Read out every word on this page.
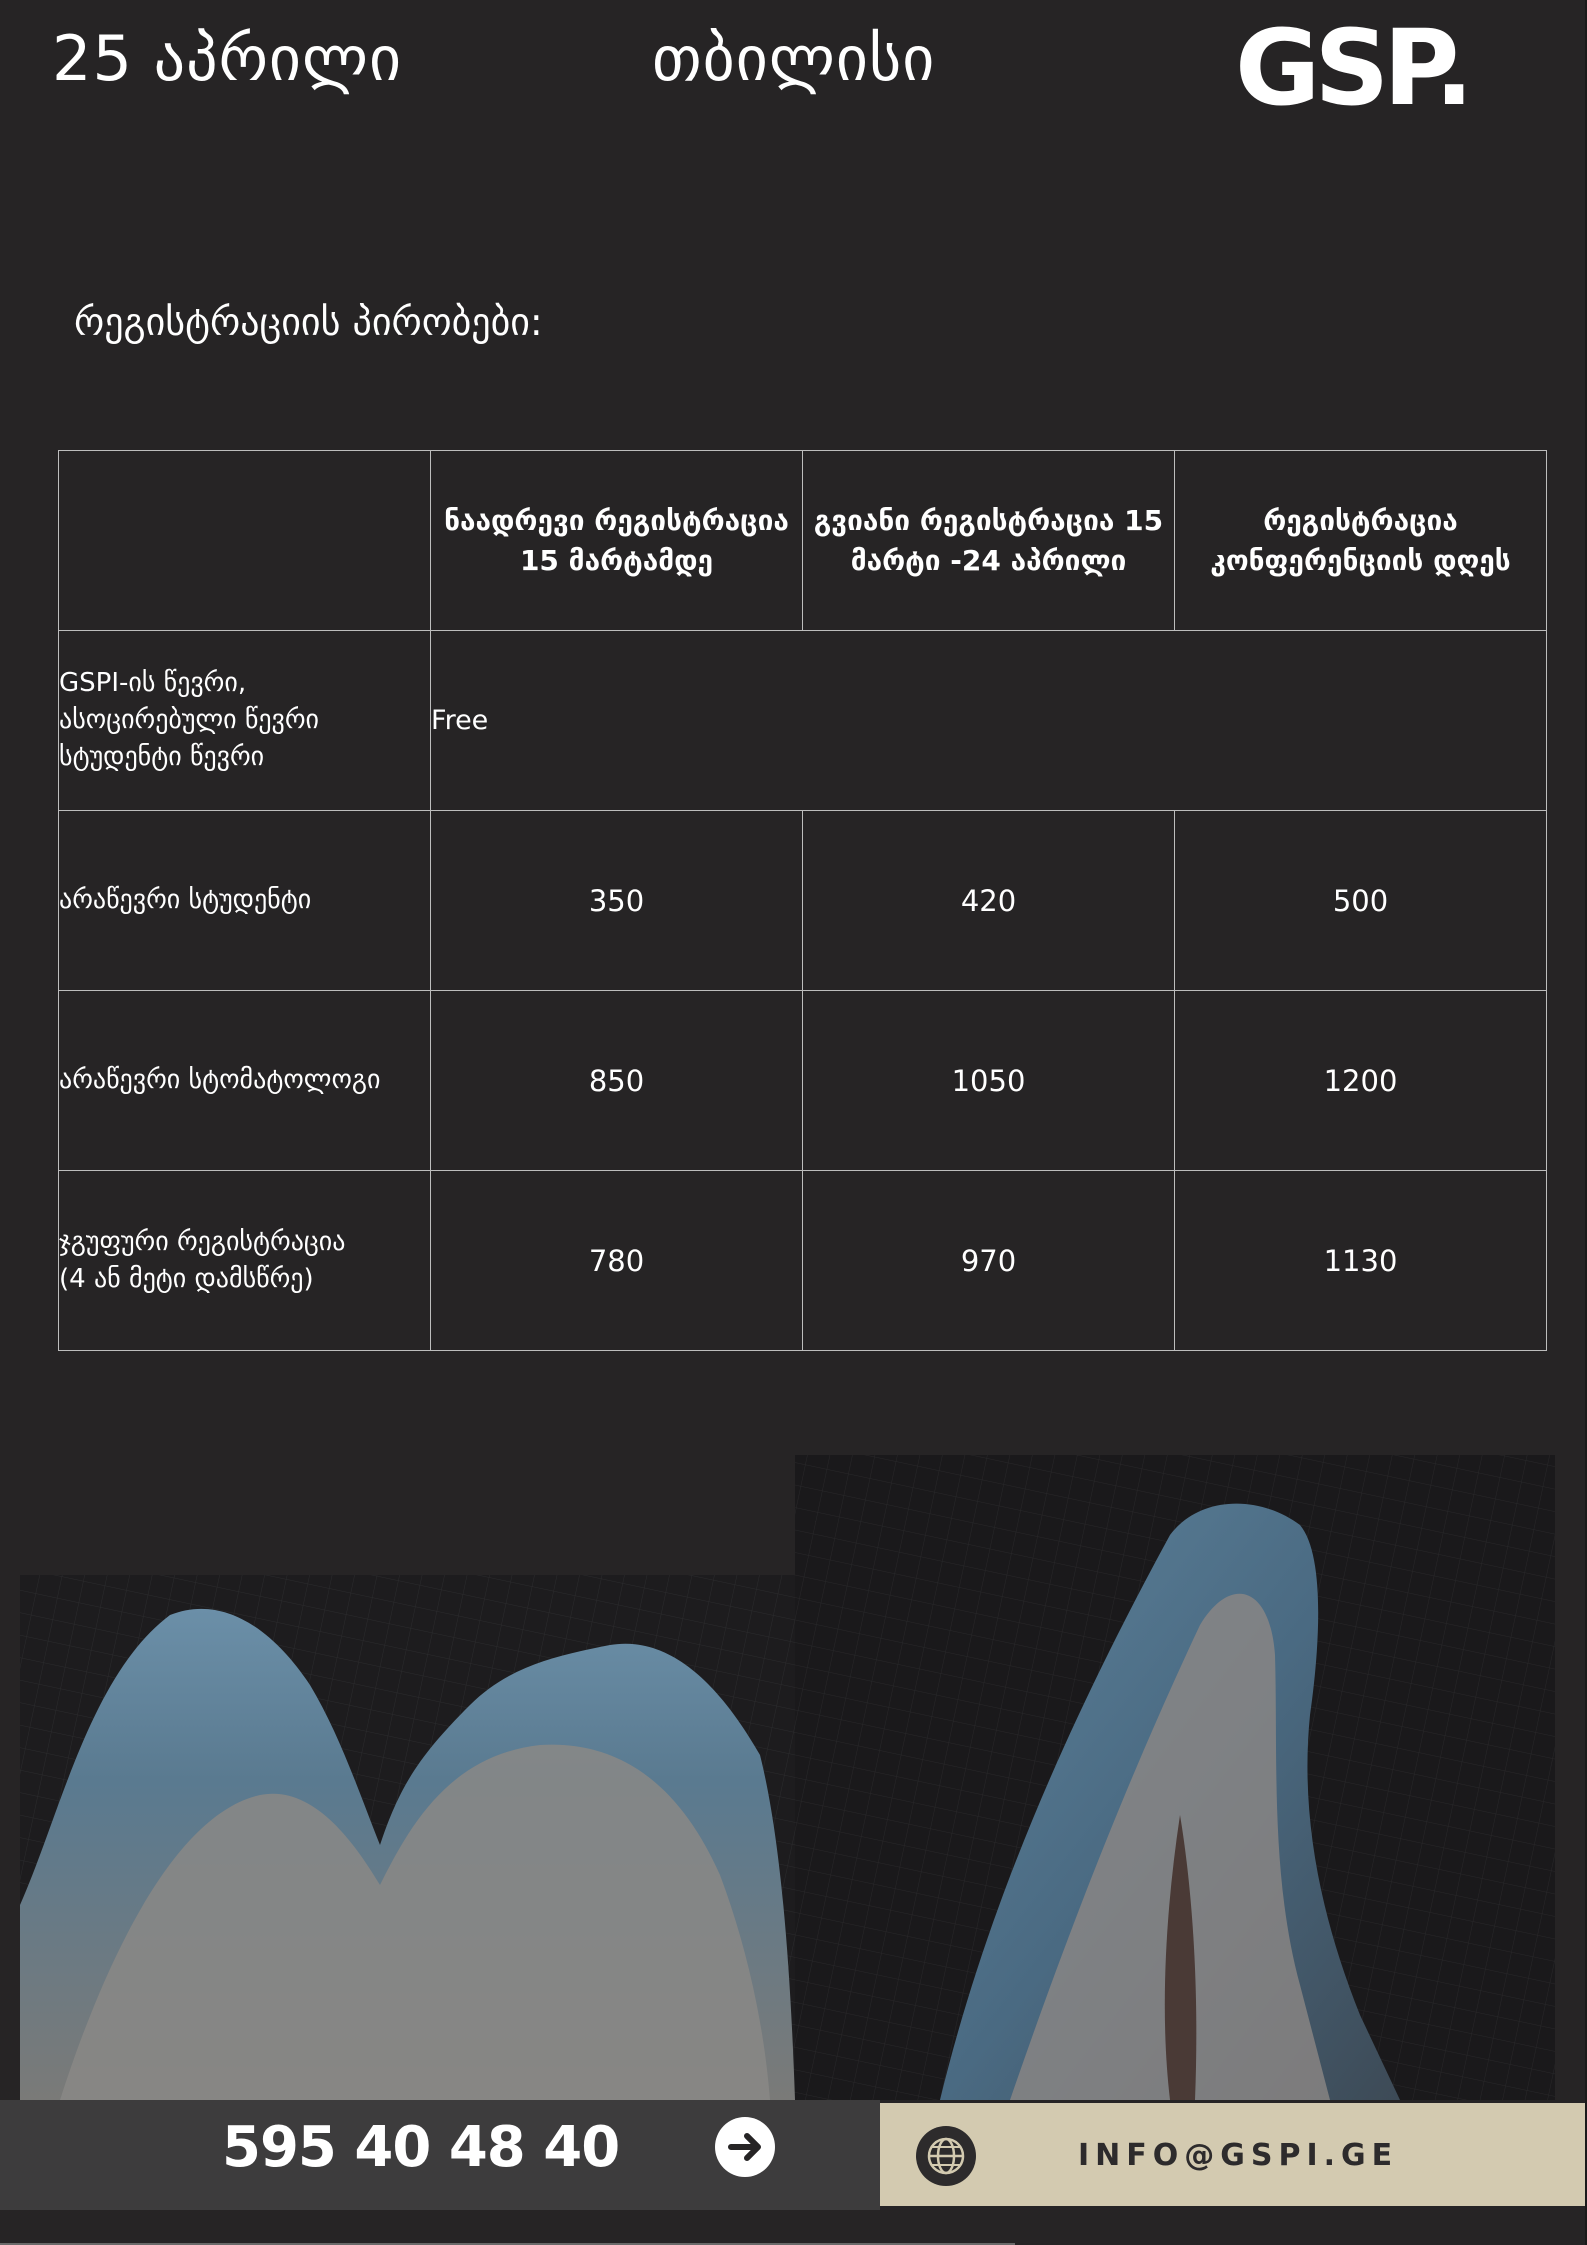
25 აპრილი	თბილისი	GSP.
რეგისტრაციის პირობები:
	ნაადრევი რეგისტრაცია 15 მარტამდე	გვიანი რეგისტრაცია 15 მარტი -24 აპრილი	რეგისტრაცია კონფერენციის დღეს

GSPI-ის წევრი,
ასოცირებული წევრი
სტუდენტი წევრი	Free		
არაწევრი სტუდენტი	350	420	500
არაწევრი სტომატოლოგი	850	1050	1200

ჯგუფური რეგისტრაცია
(4 ან მეტი დამსწრე)	780	970	1130
595 40 48 40	INFO@GSPI.GE
